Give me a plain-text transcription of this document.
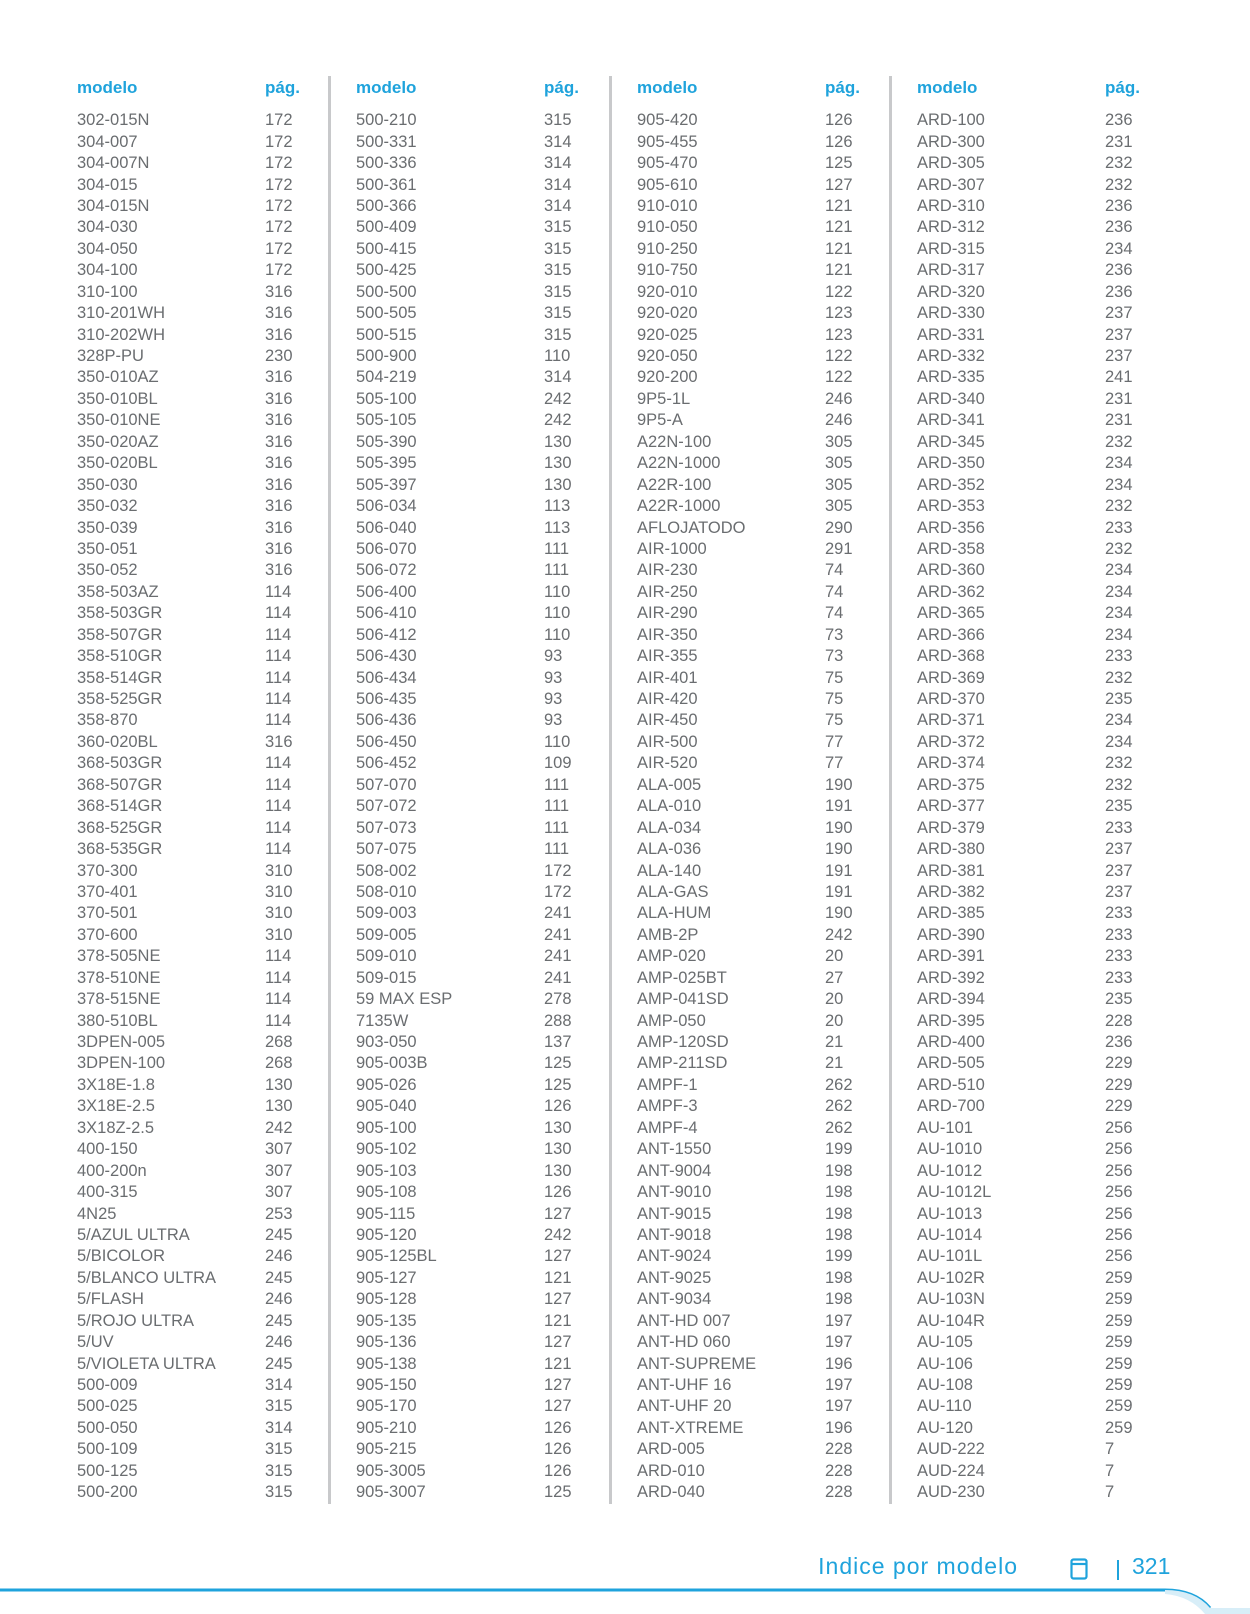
modelo	pág.
302-015N	172
304-007	172
304-007N	172
304-015	172
304-015N	172
304-030	172
304-050	172
304-100	172
310-100	316
310-201WH	316
310-202WH	316
328P-PU	230
350-010AZ	316
350-010BL	316
350-010NE	316
350-020AZ	316
350-020BL	316
350-030	316
350-032	316
350-039	316
350-051	316
350-052	316
358-503AZ	114
358-503GR	114
358-507GR	114
358-510GR	114
358-514GR	114
358-525GR	114
358-870	114
360-020BL	316
368-503GR	114
368-507GR	114
368-514GR	114
368-525GR	114
368-535GR	114
370-300	310
370-401	310
370-501	310
370-600	310
378-505NE	114
378-510NE	114
378-515NE	114
380-510BL	114
3DPEN-005	268
3DPEN-100	268
3X18E-1.8	130
3X18E-2.5	130
3X18Z-2.5	242
400-150	307
400-200n	307
400-315	307
4N25	253
5/AZUL ULTRA	245
5/BICOLOR	246
5/BLANCO ULTRA	245
5/FLASH	246
5/ROJO ULTRA	245
5/UV	246
5/VIOLETA ULTRA	245
500-009	314
500-025	315
500-050	314
500-109	315
500-125	315
500-200	315
modelo	pág.
500-210	315
500-331	314
500-336	314
500-361	314
500-366	314
500-409	315
500-415	315
500-425	315
500-500	315
500-505	315
500-515	315
500-900	110
504-219	314
505-100	242
505-105	242
505-390	130
505-395	130
505-397	130
506-034	113
506-040	113
506-070	111
506-072	111
506-400	110
506-410	110
506-412	110
506-430	93
506-434	93
506-435	93
506-436	93
506-450	110
506-452	109
507-070	111
507-072	111
507-073	111
507-075	111
508-002	172
508-010	172
509-003	241
509-005	241
509-010	241
509-015	241
59 MAX ESP	278
7135W	288
903-050	137
905-003B	125
905-026	125
905-040	126
905-100	130
905-102	130
905-103	130
905-108	126
905-115	127
905-120	242
905-125BL	127
905-127	121
905-128	127
905-135	121
905-136	127
905-138	121
905-150	127
905-170	127
905-210	126
905-215	126
905-3005	126
905-3007	125
modelo	pág.
905-420	126
905-455	126
905-470	125
905-610	127
910-010	121
910-050	121
910-250	121
910-750	121
920-010	122
920-020	123
920-025	123
920-050	122
920-200	122
9P5-1L	246
9P5-A	246
A22N-100	305
A22N-1000	305
A22R-100	305
A22R-1000	305
AFLOJATODO	290
AIR-1000	291
AIR-230	74
AIR-250	74
AIR-290	74
AIR-350	73
AIR-355	73
AIR-401	75
AIR-420	75
AIR-450	75
AIR-500	77
AIR-520	77
ALA-005	190
ALA-010	191
ALA-034	190
ALA-036	190
ALA-140	191
ALA-GAS	191
ALA-HUM	190
AMB-2P	242
AMP-020	20
AMP-025BT	27
AMP-041SD	20
AMP-050	20
AMP-120SD	21
AMP-211SD	21
AMPF-1	262
AMPF-3	262
AMPF-4	262
ANT-1550	199
ANT-9004	198
ANT-9010	198
ANT-9015	198
ANT-9018	198
ANT-9024	199
ANT-9025	198
ANT-9034	198
ANT-HD 007	197
ANT-HD 060	197
ANT-SUPREME	196
ANT-UHF 16	197
ANT-UHF 20	197
ANT-XTREME	196
ARD-005	228
ARD-010	228
ARD-040	228
modelo	pág.
ARD-100	236
ARD-300	231
ARD-305	232
ARD-307	232
ARD-310	236
ARD-312	236
ARD-315	234
ARD-317	236
ARD-320	236
ARD-330	237
ARD-331	237
ARD-332	237
ARD-335	241
ARD-340	231
ARD-341	231
ARD-345	232
ARD-350	234
ARD-352	234
ARD-353	232
ARD-356	233
ARD-358	232
ARD-360	234
ARD-362	234
ARD-365	234
ARD-366	234
ARD-368	233
ARD-369	232
ARD-370	235
ARD-371	234
ARD-372	234
ARD-374	232
ARD-375	232
ARD-377	235
ARD-379	233
ARD-380	237
ARD-381	237
ARD-382	237
ARD-385	233
ARD-390	233
ARD-391	233
ARD-392	233
ARD-394	235
ARD-395	228
ARD-400	236
ARD-505	229
ARD-510	229
ARD-700	229
AU-101	256
AU-1010	256
AU-1012	256
AU-1012L	256
AU-1013	256
AU-1014	256
AU-101L	256
AU-102R	259
AU-103N	259
AU-104R	259
AU-105	259
AU-106	259
AU-108	259
AU-110	259
AU-120	259
AUD-222	7
AUD-224	7
AUD-230	7
Indice por modelo	321
